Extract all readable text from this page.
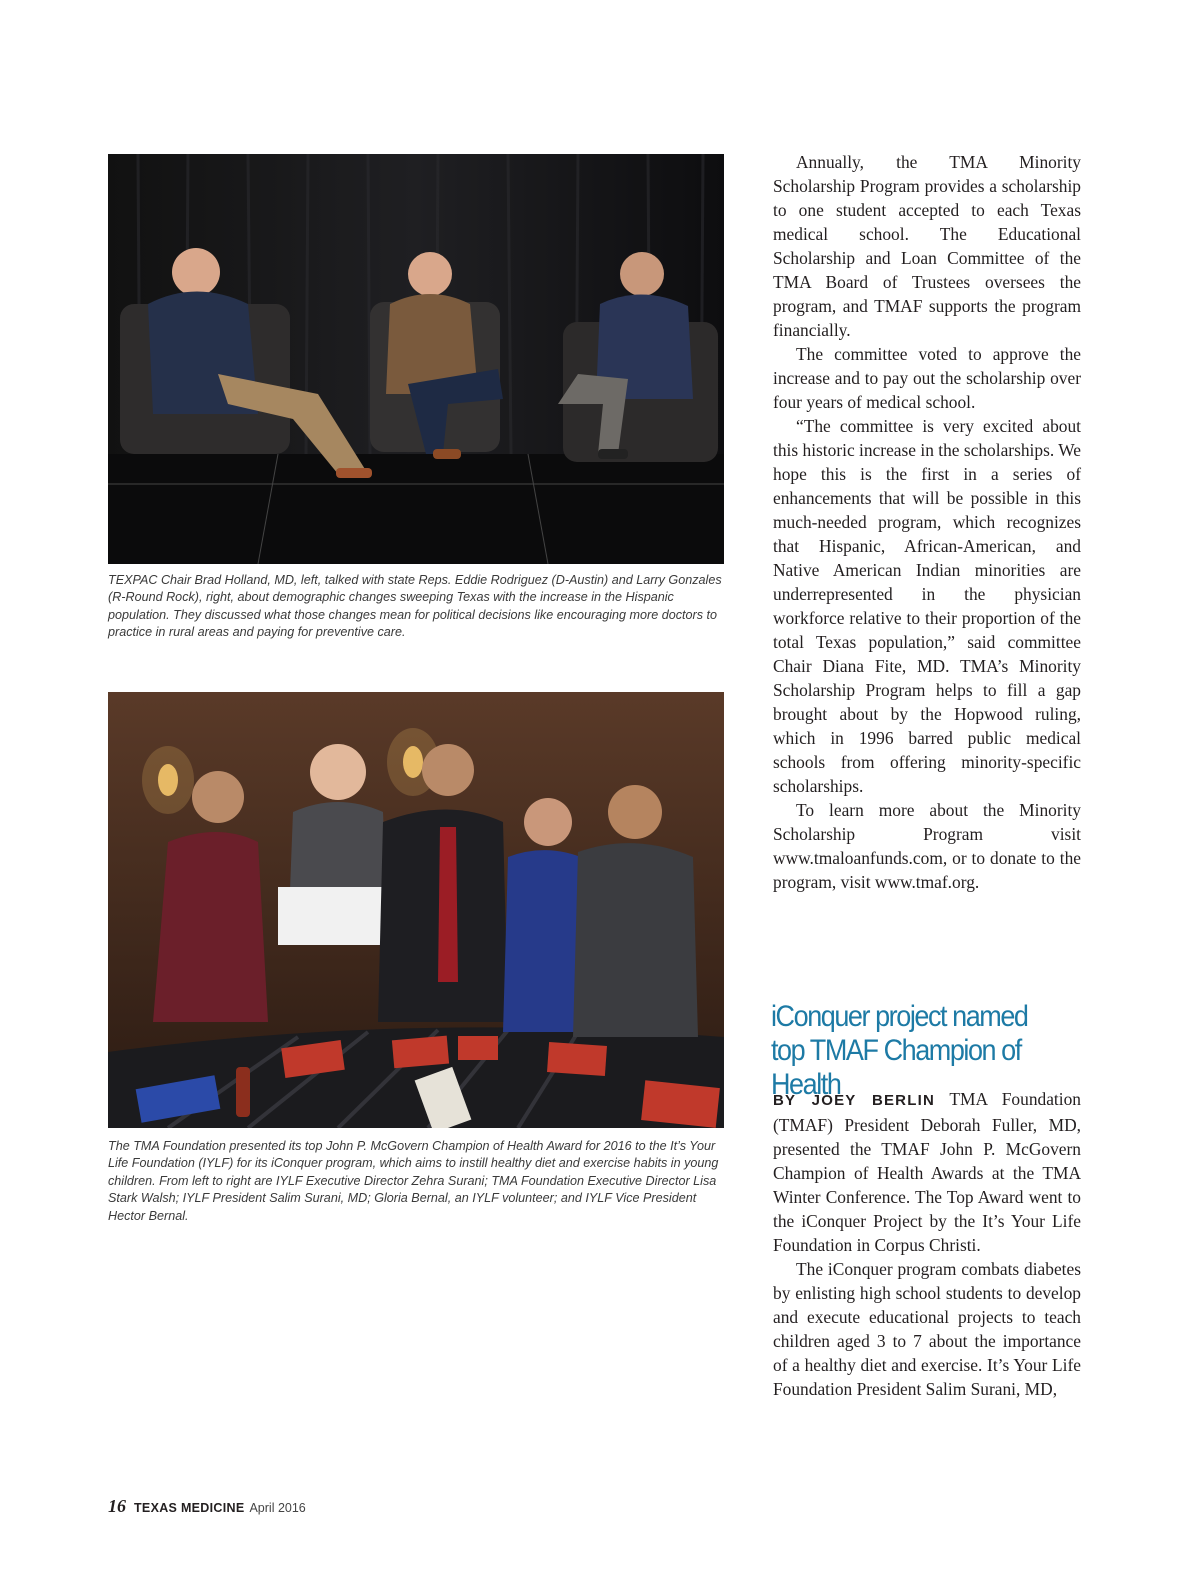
TEXPAC Chair Brad Holland, MD, left, talked with state Reps. Eddie Rodriguez (D-Austin) and Larry Gonzales (R-Round Rock), right, about demographic changes sweeping Texas with the increase in the Hispanic population. They discussed what those changes mean for political decisions like encouraging more doctors to practice in rural areas and paying for preventive care.

The TMA Foundation presented its top John P. McGovern Champion of Health Award for 2016 to the It’s Your Life Foundation (IYLF) for its iConquer program, which aims to instill healthy diet and exercise habits in young children. From left to right are IYLF Executive Director Zehra Surani; TMA Foundation Executive Director Lisa Stark Walsh; IYLF President Salim Surani, MD; Gloria Bernal, an IYLF volunteer; and IYLF Vice President Hector Bernal.

Annually, the TMA Minority Scholarship Program provides a scholarship to one student accepted to each Texas medical school. The Educational Scholarship and Loan Committee of the TMA Board of Trustees oversees the program, and TMAF supports the program financially.

The committee voted to approve the increase and to pay out the scholarship over four years of medical school.

“The committee is very excited about this historic increase in the scholarships. We hope this is the first in a series of enhancements that will be possible in this much-needed program, which recognizes that Hispanic, African-American, and Native American Indian minorities are underrepresented in the physician workforce relative to their proportion of the total Texas population,” said committee Chair Diana Fite, MD. TMA’s Minority Scholarship Program helps to fill a gap brought about by the Hopwood ruling, which in 1996 barred public medical schools from offering minority-specific scholarships.

To learn more about the Minority Scholarship Program visit www.tmaloanfunds.com, or to donate to the program, visit www.tmaf.org.

iConquer project named top TMAF Champion of Health

BY JOEY BERLIN TMA Foundation (TMAF) President Deborah Fuller, MD, presented the TMAF John P. McGovern Champion of Health Awards at the TMA Winter Conference. The Top Award went to the iConquer Project by the It’s Your Life Foundation in Corpus Christi.

The iConquer program combats diabetes by enlisting high school students to develop and execute educational projects to teach children aged 3 to 7 about the importance of a healthy diet and exercise. It’s Your Life Foundation President Salim Surani, MD,

16 TEXAS MEDICINE April 2016
